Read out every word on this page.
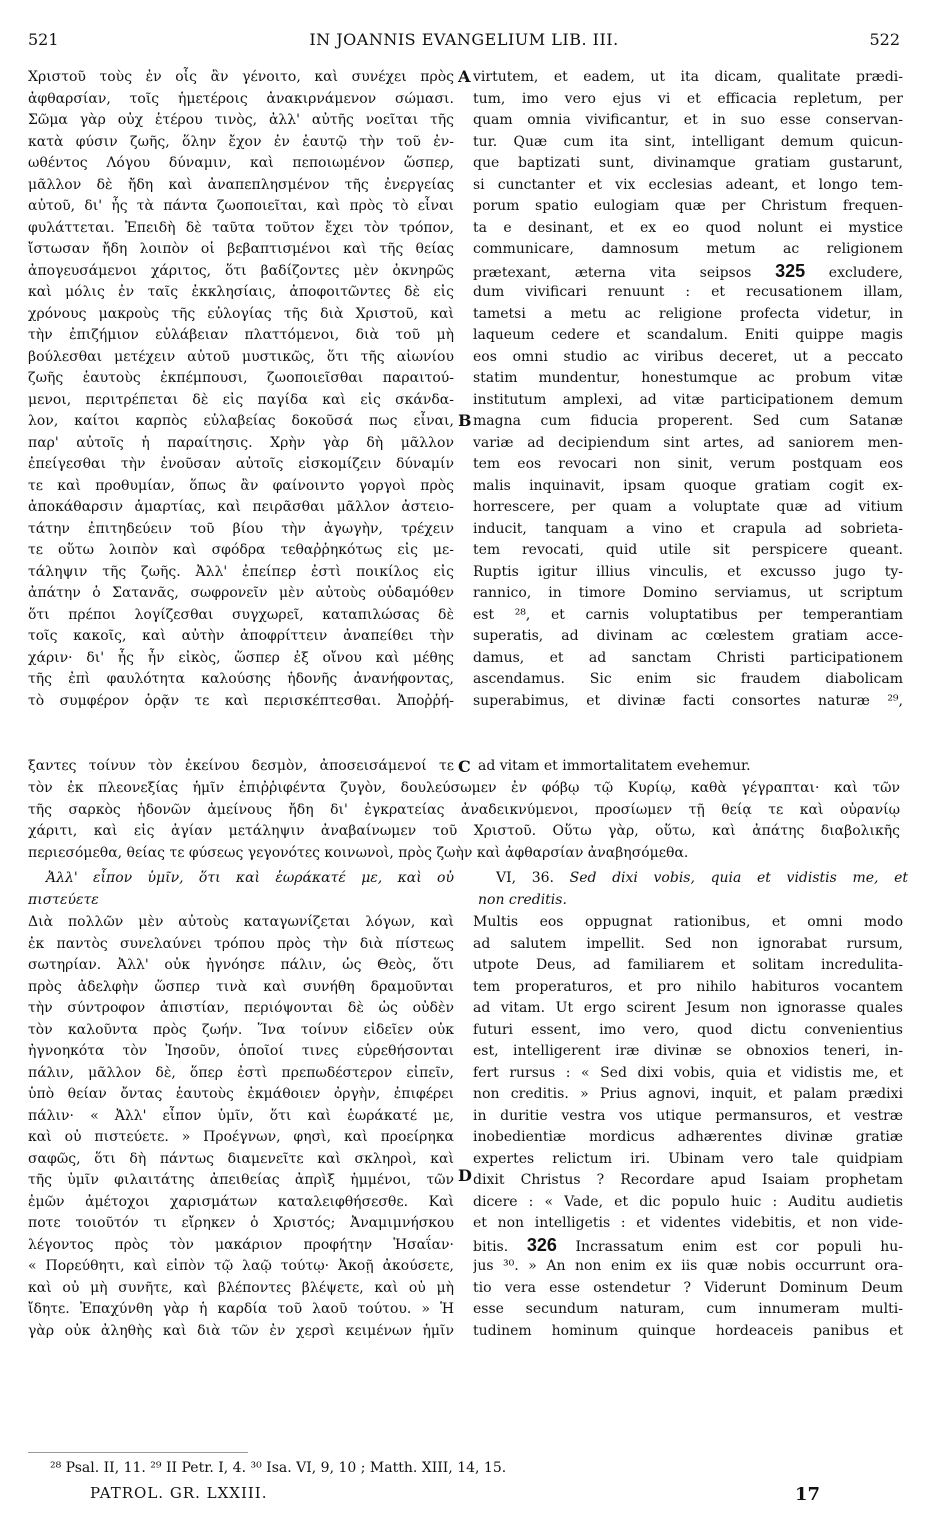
521	IN JOANNIS EVANGELIUM LIB. III.	522
Χριστοῦ τοὺς ἐν οἷς ἂν γένοιτο, καὶ συνέχει πρὸς
ἀφθαρσίαν, τοῖς ἡμετέροις ἀνακιρνάμενον σώμασι.
Σῶμα γὰρ οὐχ ἑτέρου τινὸς, ἀλλ' αὐτῆς νοεῖται τῆς
κατὰ φύσιν ζωῆς, ὅλην ἔχον ἐν ἑαυτῷ τὴν τοῦ ἐν-
ωθέντος Λόγου δύναμιν, καὶ πεποιωμένον ὥσπερ,
μᾶλλον δὲ ἤδη καὶ ἀναπεπλησμένον τῆς ἐνεργείας
αὐτοῦ, δι' ἧς τὰ πάντα ζωοποιεῖται, καὶ πρὸς τὸ εἶναι
φυλάττεται. Ἐπειδὴ δὲ ταῦτα τοῦτον ἔχει τὸν τρόπον,
ἴστωσαν ἤδη λοιπὸν οἱ βεβαπτισμένοι καὶ τῆς θείας
ἀπογευσάμενοι χάριτος, ὅτι βαδίζοντες μὲν ὀκνηρῶς
καὶ μόλις ἐν ταῖς ἐκκλησίαις, ἀποφοιτῶντες δὲ εἰς
χρόνους μακροὺς τῆς εὐλογίας τῆς διὰ Χριστοῦ, καὶ
τὴν ἐπιζήμιον εὐλάβειαν πλαττόμενοι, διὰ τοῦ μὴ
βούλεσθαι μετέχειν αὐτοῦ μυστικῶς, ὅτι τῆς αἰωνίου
ζωῆς ἑαυτοὺς ἐκπέμπουσι, ζωοποιεῖσθαι παραιτού-
μενοι, περιτρέπεται δὲ εἰς παγίδα καὶ εἰς σκάνδα-
λον, καίτοι καρπὸς εὐλαβείας δοκοῦσά πως εἶναι,
παρ' αὐτοῖς ἡ παραίτησις. Χρὴν γὰρ δὴ μᾶλλον
ἐπείγεσθαι τὴν ἐνοῦσαν αὐτοῖς εἰσκομίζειν δύναμίν
τε καὶ προθυμίαν, ὅπως ἂν φαίνοιντο γοργοὶ πρὸς
ἀποκάθαρσιν ἁμαρτίας, καὶ πειρᾶσθαι μᾶλλον ἀστειο-
τάτην ἐπιτηδεύειν τοῦ βίου τὴν ἀγωγὴν, τρέχειν
τε οὕτω λοιπὸν καὶ σφόδρα τεθαῤῥηκότως εἰς με-
τάληψιν τῆς ζωῆς. Ἀλλ' ἐπείπερ ἐστὶ ποικίλος εἰς
ἀπάτην ὁ Σατανᾶς, σωφρονεῖν μὲν αὐτοὺς οὐδαμόθεν
ὅτι πρέποι λογίζεσθαι συγχωρεῖ, καταπιλώσας δὲ
τοῖς κακοῖς, καὶ αὐτὴν ἀποφρίττειν ἀναπείθει τὴν
χάριν· δι' ἧς ἦν εἰκὸς, ὥσπερ ἐξ οἴνου καὶ μέθης
τῆς ἐπὶ φαυλότητα καλούσης ἡδονῆς ἀνανήφοντας,
τὸ συμφέρον ὁρᾷν τε καὶ περισκέπτεσθαι. Ἀποῤῥή-
virtutem, et eadem, ut ita dicam, qualitate prædi-
tum, imo vero ejus vi et efficacia repletum, per
quam omnia vivificantur, et in suo esse conservan-
tur. Quæ cum ita sint, intelligant demum quicun-
que baptizati sunt, divinamque gratiam gustarunt,
si cunctanter et vix ecclesias adeant, et longo tem-
porum spatio eulogiam quæ per Christum frequen-
ta e desinant, et ex eo quod nolunt ei mystice
communicare, damnosum metum ac religionem
prætexant, æterna vita seipsos 325 excludere,
dum vivificari renuunt : et recusationem illam,
tametsi a metu ac religione profecta videtur, in
laqueum cedere et scandalum. Eniti quippe magis
eos omni studio ac viribus deceret, ut a peccato
statim mundentur, honestumque ac probum vitæ
institutum amplexi, ad vitæ participationem demum
magna cum fiducia properent. Sed cum Satanæ
variæ ad decipiendum sint artes, ad saniorem men-
tem eos revocari non sinit, verum postquam eos
malis inquinavit, ipsam quoque gratiam cogit ex-
horrescere, per quam a voluptate quæ ad vitium
inducit, tanquam a vino et crapula ad sobrieta-
tem revocati, quid utile sit perspicere queant.
Ruptis igitur illius vinculis, et excusso jugo ty-
rannico, in timore Domino serviamus, ut scriptum
est ²⁸, et carnis voluptatibus per temperantiam
superatis, ad divinam ac cœlestem gratiam acce-
damus, et ad sanctam Christi participationem
ascendamus. Sic enim sic fraudem diabolicam
superabimus, et divinæ facti consortes naturæ ²⁹,
A
B
C
D
ξαντες τοίνυν τὸν ἐκείνου δεσμὸν, ἀποσεισάμενοί τε ad vitam et immortalitatem evehemur.
τὸν ἐκ πλεονεξίας ἡμῖν ἐπιῤῥιφέντα ζυγὸν, δουλεύσωμεν ἐν φόβῳ τῷ Κυρίῳ, καθὰ γέγραπται· καὶ τῶν
τῆς σαρκὸς ἡδονῶν ἀμείνους ἤδη δι' ἐγκρατείας ἀναδεικνύμενοι, προσίωμεν τῇ θείᾳ τε καὶ οὐρανίῳ
χάριτι, καὶ εἰς ἁγίαν μετάληψιν ἀναβαίνωμεν τοῦ Χριστοῦ. Οὕτω γὰρ, οὕτω, καὶ ἀπάτης διαβολικῆς
περιεσόμεθα, θείας τε φύσεως γεγονότες κοινωνοὶ, πρὸς ζωὴν καὶ ἀφθαρσίαν ἀναβησόμεθα.
Ἀλλ' εἶπον ὑμῖν, ὅτι καὶ ἑωράκατέ με, καὶ οὐ
πιστεύετε
VI, 36. Sed dixi vobis, quia et vidistis me, et
non creditis.
Διὰ πολλῶν μὲν αὐτοὺς καταγωνίζεται λόγων, καὶ
ἐκ παντὸς συνελαύνει τρόπου πρὸς τὴν διὰ πίστεως
σωτηρίαν. Ἀλλ' οὐκ ἠγνόησε πάλιν, ὡς Θεὸς, ὅτι
πρὸς ἀδελφὴν ὥσπερ τινὰ καὶ συνήθη δραμοῦνται
τὴν σύντροφον ἀπιστίαν, περιόψονται δὲ ὡς οὐδὲν
τὸν καλοῦντα πρὸς ζωήν. Ἵνα τοίνυν εἰδεῖεν οὐκ
ἠγνοηκότα τὸν Ἰησοῦν, ὁποῖοί τινες εὑρεθήσονται
πάλιν, μᾶλλον δὲ, ὅπερ ἐστὶ πρεπωδέστερον εἰπεῖν,
ὑπὸ θείαν ὄντας ἑαυτοὺς ἐκμάθοιεν ὀργὴν, ἐπιφέρει
πάλιν· « Ἀλλ' εἶπον ὑμῖν, ὅτι καὶ ἑωράκατέ με,
καὶ οὐ πιστεύετε. » Προέγνων, φησὶ, καὶ προείρηκα
σαφῶς, ὅτι δὴ πάντως διαμενεῖτε καὶ σκληροὶ, καὶ
τῆς ὑμῖν φιλαιτάτης ἀπειθείας ἀπρὶξ ἡμμένοι, τῶν
ἐμῶν ἀμέτοχοι χαρισμάτων καταλειφθήσεσθε. Καὶ
ποτε τοιοῦτόν τι εἴρηκεν ὁ Χριστός; Ἀναμιμνήσκου
λέγοντος πρὸς τὸν μακάριον προφήτην Ἡσαΐαν·
« Πορεύθητι, καὶ εἰπὸν τῷ λαῷ τούτῳ· Ἀκοῇ ἀκούσετε,
καὶ οὐ μὴ συνῆτε, καὶ βλέποντες βλέψετε, καὶ οὐ μὴ
ἴδητε. Ἐπαχύνθη γὰρ ἡ καρδία τοῦ λαοῦ τούτου. » Ἡ
γὰρ οὐκ ἀληθὴς καὶ διὰ τῶν ἐν χερσὶ κειμένων ἡμῖν
Multis eos oppugnat rationibus, et omni modo
ad salutem impellit. Sed non ignorabat rursum,
utpote Deus, ad familiarem et solitam incredulita-
tem properaturos, et pro nihilo habituros vocantem
ad vitam. Ut ergo scirent Jesum non ignorasse quales
futuri essent, imo vero, quod dictu convenientius
est, intelligerent iræ divinæ se obnoxios teneri, in-
fert rursus : « Sed dixi vobis, quia et vidistis me, et
non creditis. » Prius agnovi, inquit, et palam prædixi
in duritie vestra vos utique permansuros, et vestræ
inobedientiæ mordicus adhærentes divinæ gratiæ
expertes relictum iri. Ubinam vero tale quidpiam
dixit Christus ? Recordare apud Isaiam prophetam
dicere : « Vade, et dic populo huic : Auditu audietis
et non intelligetis : et videntes videbitis, et non vide-
bitis. 326 Incrassatum enim est cor populi hu-
jus ³⁰. » An non enim ex iis quæ nobis occurrunt ora-
tio vera esse ostendetur ? Viderunt Dominum Deum
esse secundum naturam, cum innumeram multi-
tudinem hominum quinque hordeaceis panibus et
²⁸ Psal. II, 11. ²⁹ II Petr. I, 4. ³⁰ Isa. VI, 9, 10 ; Matth. XIII, 14, 15.
PATROL. GR. LXXIII.	17
